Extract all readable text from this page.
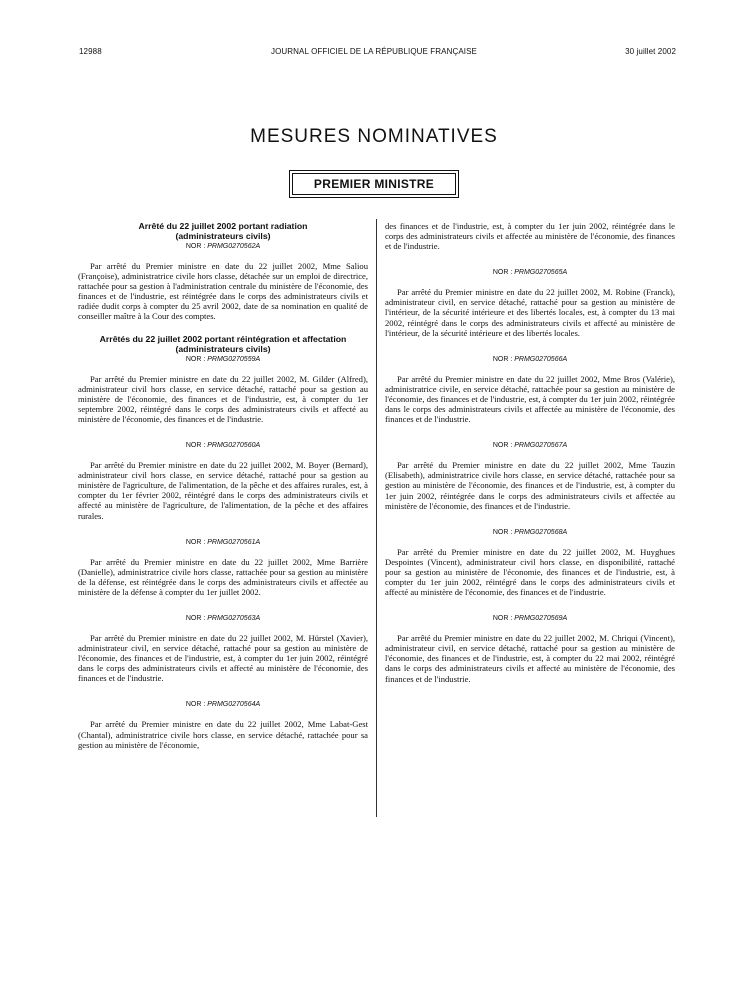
12988	JOURNAL OFFICIEL DE LA RÉPUBLIQUE FRANÇAISE	30 juillet 2002
MESURES NOMINATIVES
PREMIER MINISTRE

Arrêté du 22 juillet 2002 portant radiation (administrateurs civils)

NOR : PRMG0270562A

Par arrêté du Premier ministre en date du 22 juillet 2002, Mme Saliou (Françoise), administratrice civile hors classe, détachée sur un emploi de directrice, rattachée pour sa gestion à l'administration centrale du ministère de l'économie, des finances et de l'industrie, est réintégrée dans le corps des administrateurs civils et radiée dudit corps à compter du 25 avril 2002, date de sa nomination en qualité de conseiller maître à la Cour des comptes.

Arrêtés du 22 juillet 2002 portant réintégration et affectation (administrateurs civils)

NOR : PRMG0270559A

Par arrêté du Premier ministre en date du 22 juillet 2002, M. Gilder (Alfred), administrateur civil hors classe, en service détaché, rattaché pour sa gestion au ministère de l'économie, des finances et de l'industrie, est, à compter du 1er septembre 2002, réintégré dans le corps des administrateurs civils et affecté au ministère de l'économie, des finances et de l'industrie.

NOR : PRMG0270560A

Par arrêté du Premier ministre en date du 22 juillet 2002, M. Boyer (Bernard), administrateur civil hors classe, en service détaché, rattaché pour sa gestion au ministère de l'agriculture, de l'alimentation, de la pêche et des affaires rurales, est, à compter du 1er février 2002, réintégré dans le corps des administrateurs civils et affecté au ministère de l'agriculture, de l'alimentation, de la pêche et des affaires rurales.

NOR : PRMG0270561A

Par arrêté du Premier ministre en date du 22 juillet 2002, Mme Barrière (Danielle), administratrice civile hors classe, rattachée pour sa gestion au ministère de la défense, est réintégrée dans le corps des administrateurs civils et affectée au ministère de la défense à compter du 1er juillet 2002.

NOR : PRMG0270563A

Par arrêté du Premier ministre en date du 22 juillet 2002, M. Hürstel (Xavier), administrateur civil, en service détaché, rattaché pour sa gestion au ministère de l'économie, des finances et de l'industrie, est, à compter du 1er juin 2002, réintégré dans le corps des administrateurs civils et affecté au ministère de l'économie, des finances et de l'industrie.

NOR : PRMG0270564A

Par arrêté du Premier ministre en date du 22 juillet 2002, Mme Labat-Gest (Chantal), administratrice civile hors classe, en service détaché, rattachée pour sa gestion au ministère de l'économie,

des finances et de l'industrie, est, à compter du 1er juin 2002, réintégrée dans le corps des administrateurs civils et affectée au ministère de l'économie, des finances et de l'industrie.

NOR : PRMG0270565A

Par arrêté du Premier ministre en date du 22 juillet 2002, M. Robine (Franck), administrateur civil, en service détaché, rattaché pour sa gestion au ministère de l'intérieur, de la sécurité intérieure et des libertés locales, est, à compter du 13 mai 2002, réintégré dans le corps des administrateurs civils et affecté au ministère de l'intérieur, de la sécurité intérieure et des libertés locales.

NOR : PRMG0270566A

Par arrêté du Premier ministre en date du 22 juillet 2002, Mme Bros (Valérie), administratrice civile, en service détaché, rattachée pour sa gestion au ministère de l'économie, des finances et de l'industrie, est, à compter du 1er juin 2002, réintégrée dans le corps des administrateurs civils et affectée au ministère de l'économie, des finances et de l'industrie.

NOR : PRMG0270567A

Par arrêté du Premier ministre en date du 22 juillet 2002, Mme Tauzin (Elisabeth), administratrice civile hors classe, en service détaché, rattachée pour sa gestion au ministère de l'économie, des finances et de l'industrie, est, à compter du 1er juin 2002, réintégrée dans le corps des administrateurs civils et affectée au ministère de l'économie, des finances et de l'industrie.

NOR : PRMG0270568A

Par arrêté du Premier ministre en date du 22 juillet 2002, M. Huyghues Despointes (Vincent), administrateur civil hors classe, en disponibilité, rattaché pour sa gestion au ministère de l'économie, des finances et de l'industrie, est, à compter du 1er juin 2002, réintégré dans le corps des administrateurs civils et affecté au ministère de l'économie, des finances et de l'industrie.

NOR : PRMG0270569A

Par arrêté du Premier ministre en date du 22 juillet 2002, M. Chriqui (Vincent), administrateur civil, en service détaché, rattaché pour sa gestion au ministère de l'économie, des finances et de l'industrie, est, à compter du 22 mai 2002, réintégré dans le corps des administrateurs civils et affecté au ministère de l'économie, des finances et de l'industrie.
